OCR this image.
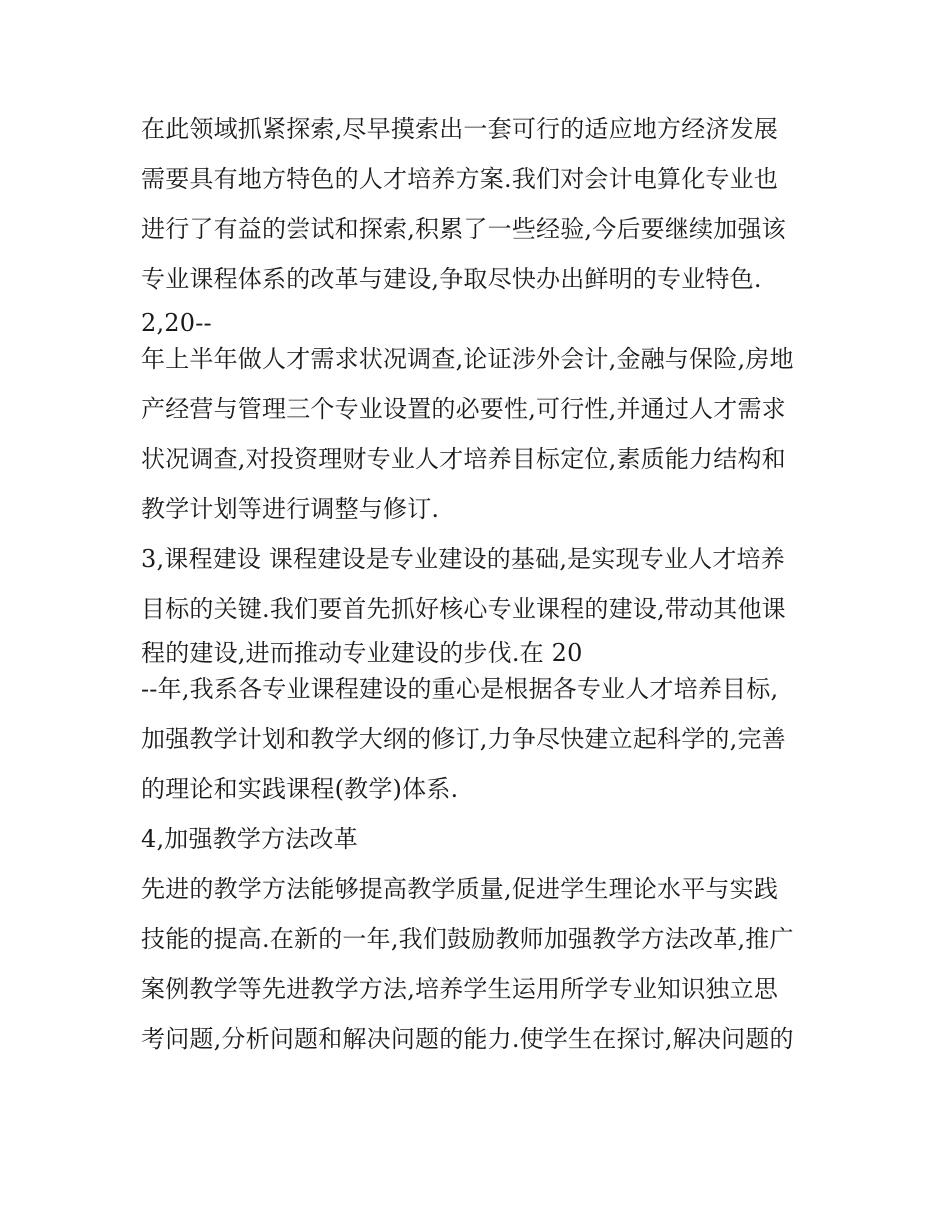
在此领域抓紧探索,尽早摸索出一套可行的适应地方经济发展
需要具有地方特色的人才培养方案.我们对会计电算化专业也
进行了有益的尝试和探索,积累了一些经验,今后要继续加强该
专业课程体系的改革与建设,争取尽快办出鲜明的专业特色.
2,20--
年上半年做人才需求状况调查,论证涉外会计,金融与保险,房地
产经营与管理三个专业设置的必要性,可行性,并通过人才需求
状况调查,对投资理财专业人才培养目标定位,素质能力结构和
教学计划等进行调整与修订.
3,课程建设 课程建设是专业建设的基础,是实现专业人才培养
目标的关键.我们要首先抓好核心专业课程的建设,带动其他课
程的建设,进而推动专业建设的步伐.在 20
--年,我系各专业课程建设的重心是根据各专业人才培养目标,
加强教学计划和教学大纲的修订,力争尽快建立起科学的,完善
的理论和实践课程(教学)体系.
4,加强教学方法改革
先进的教学方法能够提高教学质量,促进学生理论水平与实践
技能的提高.在新的一年,我们鼓励教师加强教学方法改革,推广
案例教学等先进教学方法,培养学生运用所学专业知识独立思
考问题,分析问题和解决问题的能力.使学生在探讨,解决问题的
